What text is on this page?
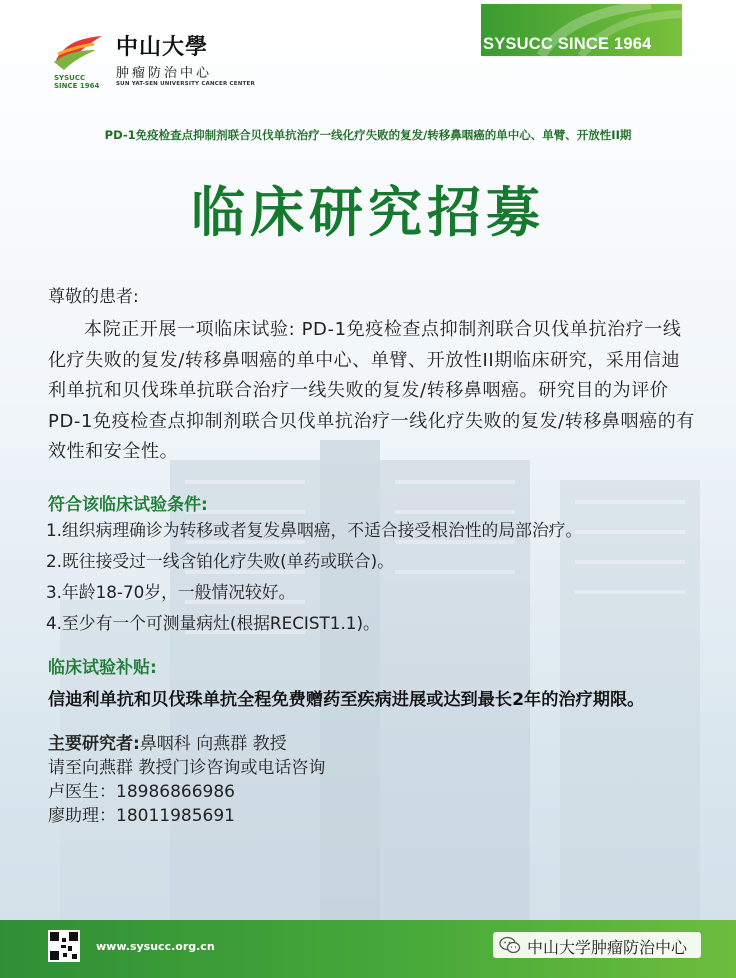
SYSUCC
SINCE 1964
中山大學
肿瘤防治中心
SUN YAT-SEN UNIVERSITY CANCER CENTER
SYSUCC SINCE 1964
PD-1免疫检查点抑制剂联合贝伐单抗治疗一线化疗失败的复发/转移鼻咽癌的单中心、单臂、开放性II期
临床研究招募

尊敬的患者:

本院正开展一项临床试验: PD-1免疫检查点抑制剂联合贝伐单抗治疗一线化疗失败的复发/转移鼻咽癌的单中心、单臂、开放性II期临床研究，采用信迪利单抗和贝伐珠单抗联合治疗一线失败的复发/转移鼻咽癌。研究目的为评价PD-1免疫检查点抑制剂联合贝伐单抗治疗一线化疗失败的复发/转移鼻咽癌的有效性和安全性。

符合该临床试验条件:
1.组织病理确诊为转移或者复发鼻咽癌，不适合接受根治性的局部治疗。
2.既往接受过一线含铂化疗失败(单药或联合)。
3.年龄18-70岁，一般情况较好。
4.至少有一个可测量病灶(根据RECIST1.1)。
临床试验补贴:
信迪利单抗和贝伐珠单抗全程免费赠药至疾病进展或达到最长2年的治疗期限。
主要研究者:鼻咽科 向燕群 教授
请至向燕群 教授门诊咨询或电话咨询
卢医生：18986866986
廖助理：18011985691
www.sysucc.org.cn	中山大学肿瘤防治中心
